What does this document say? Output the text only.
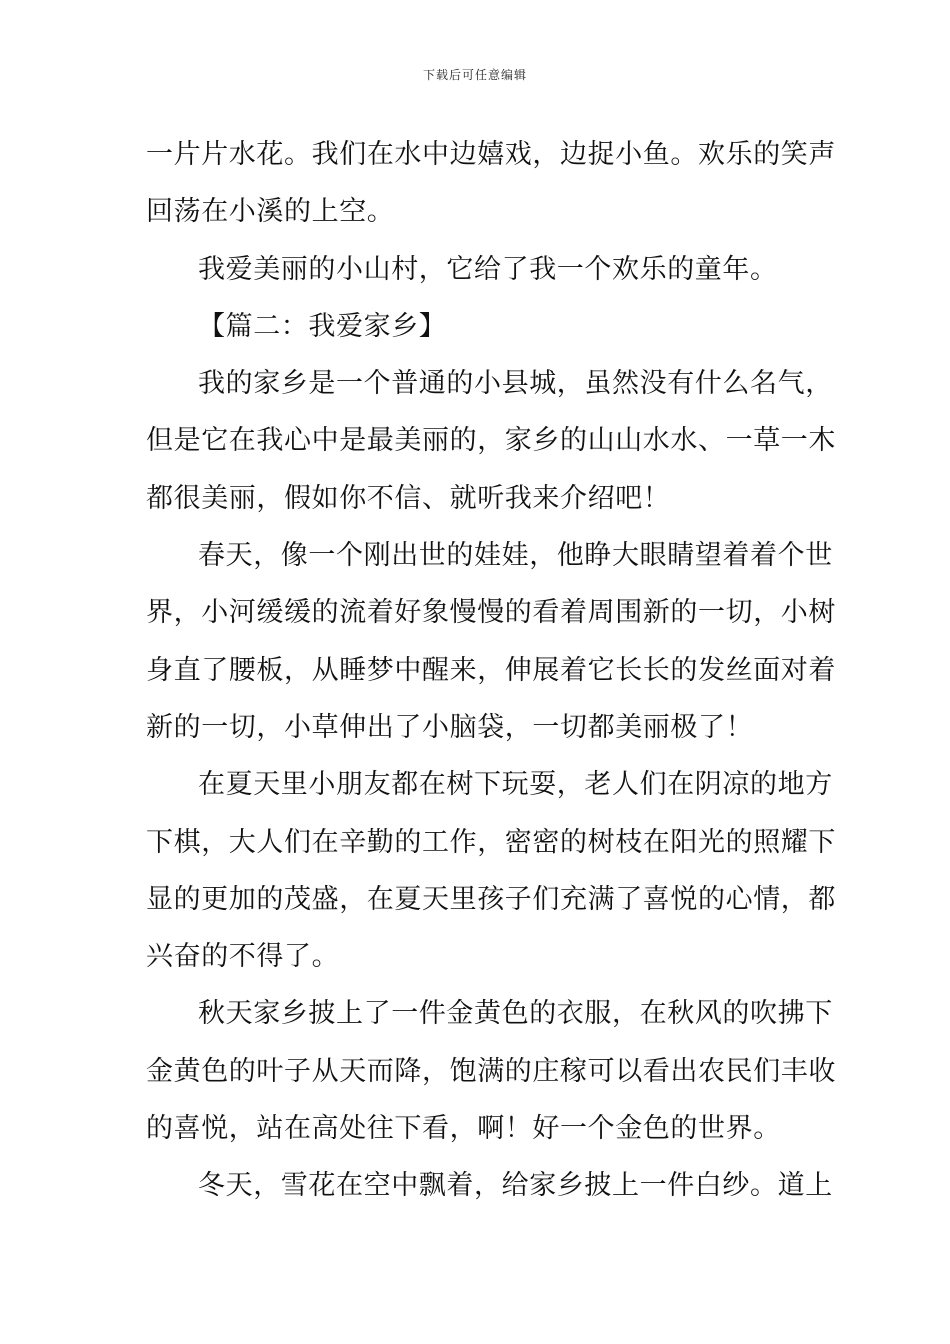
下载后可任意编辑
一片片水花。我们在水中边嬉戏，边捉小鱼。欢乐的笑声
回荡在小溪的上空。
我爱美丽的小山村，它给了我一个欢乐的童年。
【篇二：我爱家乡】
我的家乡是一个普通的小县城，虽然没有什么名气，
但是它在我心中是最美丽的，家乡的山山水水、一草一木
都很美丽，假如你不信、就听我来介绍吧！
春天，像一个刚出世的娃娃，他睁大眼睛望着着个世
界，小河缓缓的流着好象慢慢的看着周围新的一切，小树
身直了腰板，从睡梦中醒来，伸展着它长长的发丝面对着
新的一切，小草伸出了小脑袋，一切都美丽极了！
在夏天里小朋友都在树下玩耍，老人们在阴凉的地方
下棋，大人们在辛勤的工作，密密的树枝在阳光的照耀下
显的更加的茂盛，在夏天里孩子们充满了喜悦的心情，都
兴奋的不得了。
秋天家乡披上了一件金黄色的衣服，在秋风的吹拂下
金黄色的叶子从天而降，饱满的庄稼可以看出农民们丰收
的喜悦，站在高处往下看，啊！好一个金色的世界。
冬天，雪花在空中飘着，给家乡披上一件白纱。道上
